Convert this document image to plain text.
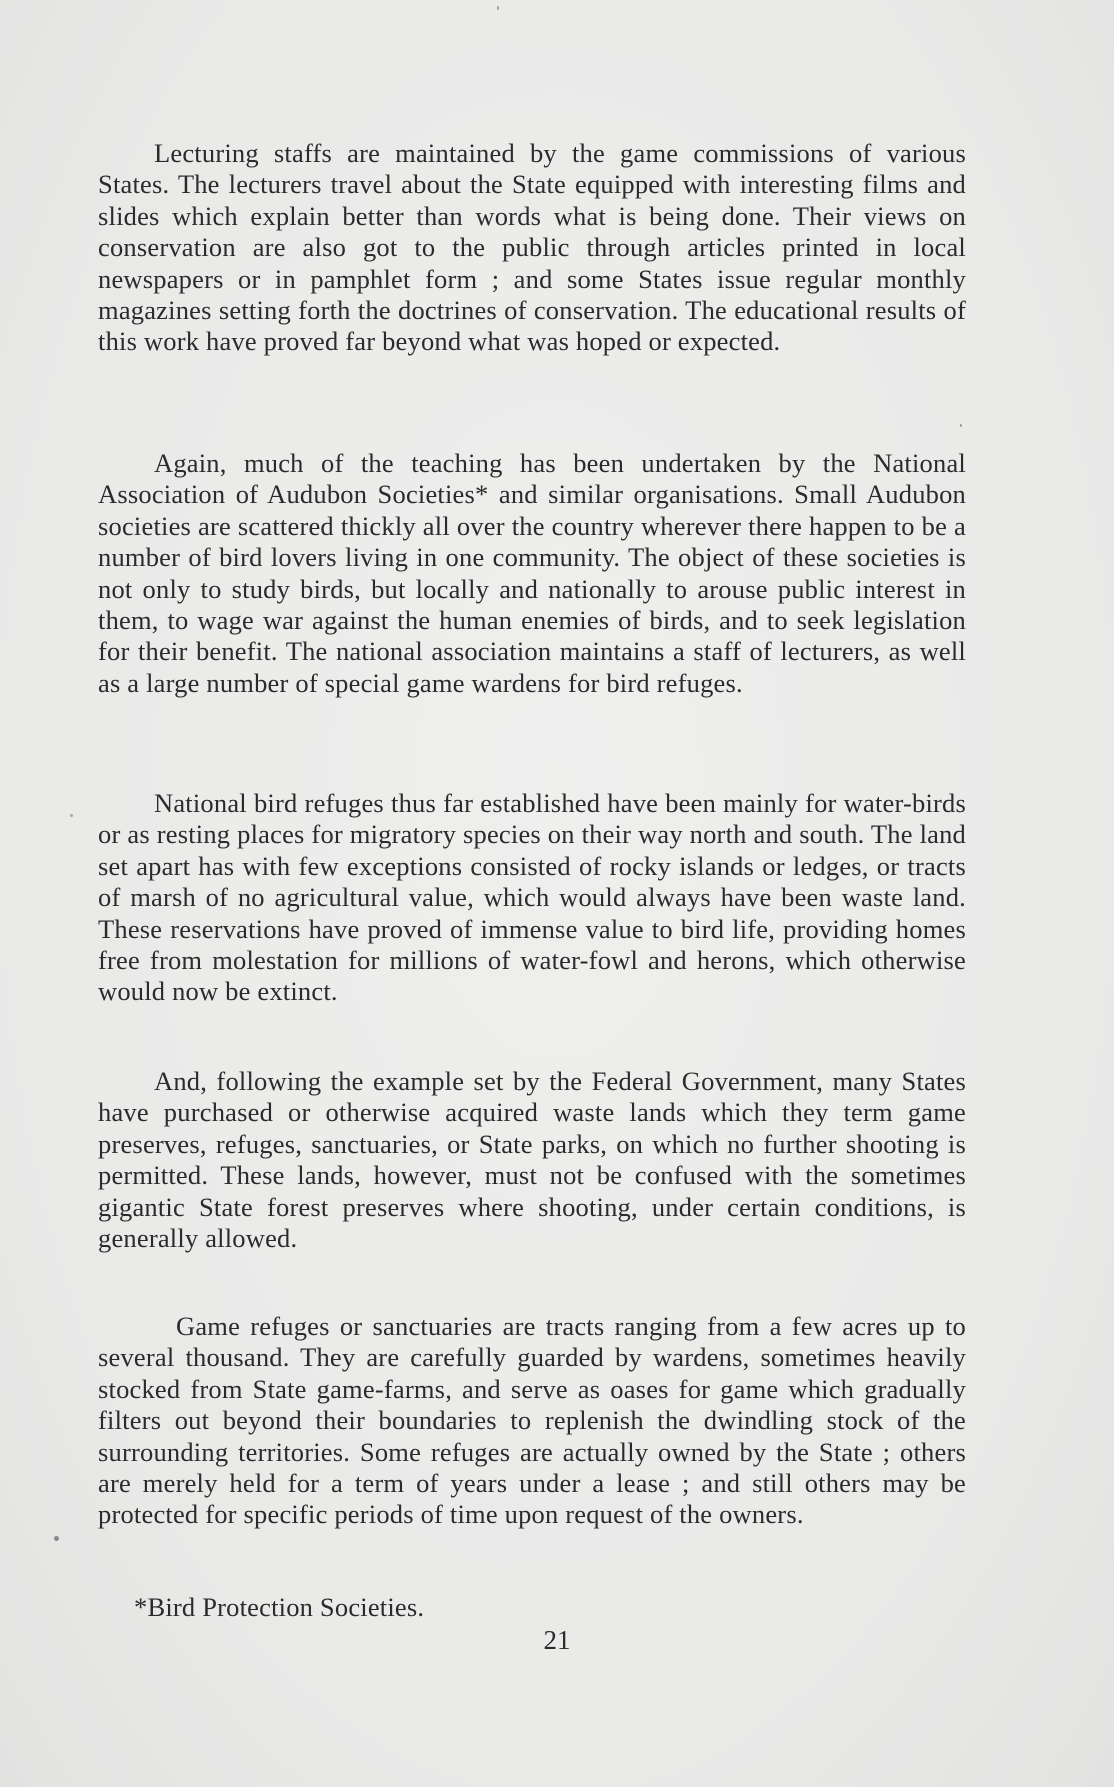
Lecturing staffs are maintained by the game commissions of various States. The lecturers travel about the State equipped with interesting films and slides which explain better than words what is being done. Their views on conservation are also got to the public through articles printed in local newspapers or in pamphlet form ; and some States issue regular monthly magazines setting forth the doctrines of conservation. The educational results of this work have proved far beyond what was hoped or expected.

Again, much of the teaching has been undertaken by the National Association of Audubon Societies* and similar organisations. Small Audubon societies are scattered thickly all over the country wherever there happen to be a number of bird lovers living in one community. The object of these societies is not only to study birds, but locally and nationally to arouse public interest in them, to wage war against the human enemies of birds, and to seek legislation for their benefit. The national association maintains a staff of lecturers, as well as a large number of special game wardens for bird refuges.

National bird refuges thus far established have been mainly for water-birds or as resting places for migratory species on their way north and south. The land set apart has with few exceptions consisted of rocky islands or ledges, or tracts of marsh of no agricultural value, which would always have been waste land. These reservations have proved of immense value to bird life, providing homes free from molestation for millions of water-fowl and herons, which otherwise would now be extinct.

And, following the example set by the Federal Government, many States have purchased or otherwise acquired waste lands which they term game preserves, refuges, sanctuaries, or State parks, on which no further shooting is permitted. These lands, however, must not be confused with the sometimes gigantic State forest preserves where shooting, under certain conditions, is generally allowed.

Game refuges or sanctuaries are tracts ranging from a few acres up to several thousand. They are carefully guarded by wardens, sometimes heavily stocked from State game-farms, and serve as oases for game which gradually filters out beyond their boundaries to replenish the dwindling stock of the surrounding territories. Some refuges are actually owned by the State ; others are merely held for a term of years under a lease ; and still others may be protected for specific periods of time upon request of the owners.

*Bird Protection Societies.
21
